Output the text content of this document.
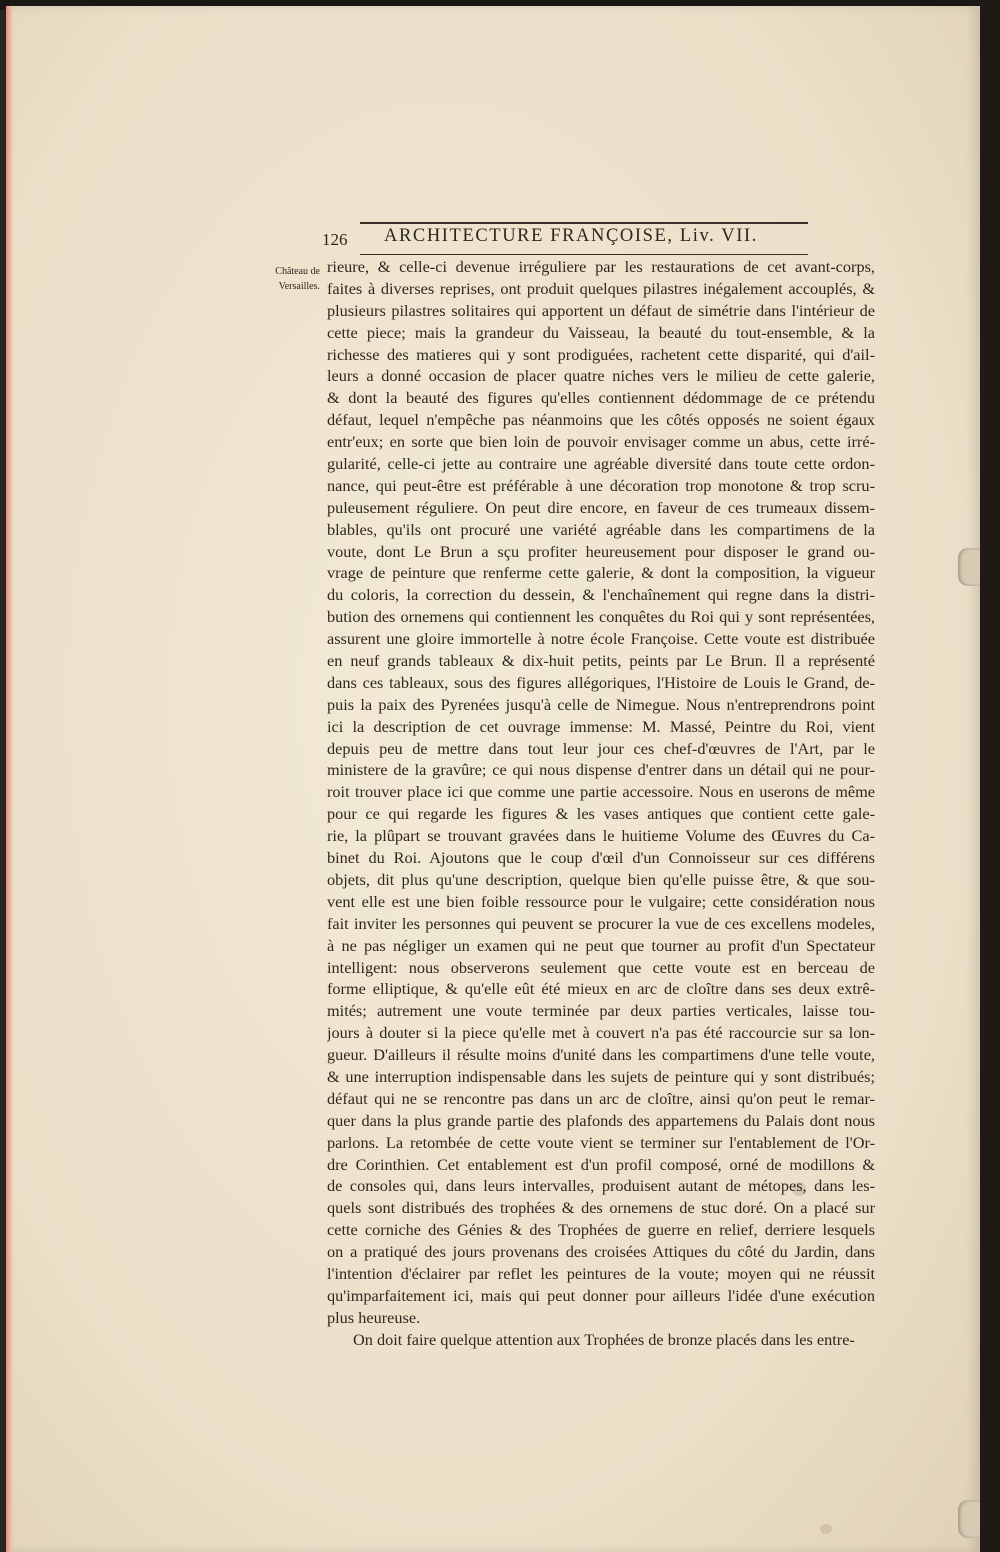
126 ARCHITECTURE FRANÇOISE, Liv. VII.
Château de Versailles.
rieure, & celle-ci devenue irréguliere par les restaurations de cet avant-corps,
faites à diverses reprises, ont produit quelques pilastres inégalement accouplés, &
plusieurs pilastres solitaires qui apportent un défaut de simétrie dans l'intérieur de
cette piece; mais la grandeur du Vaisseau, la beauté du tout-ensemble, & la
richesse des matieres qui y sont prodiguées, rachetent cette disparité, qui d'ail-
leurs a donné occasion de placer quatre niches vers le milieu de cette galerie,
& dont la beauté des figures qu'elles contiennent dédommage de ce prétendu
défaut, lequel n'empêche pas néanmoins que les côtés opposés ne soient égaux
entr'eux; en sorte que bien loin de pouvoir envisager comme un abus, cette irré-
gularité, celle-ci jette au contraire une agréable diversité dans toute cette ordon-
nance, qui peut-être est préférable à une décoration trop monotone & trop scru-
puleusement réguliere. On peut dire encore, en faveur de ces trumeaux dissem-
blables, qu'ils ont procuré une variété agréable dans les compartimens de la
voute, dont Le Brun a sçu profiter heureusement pour disposer le grand ou-
vrage de peinture que renferme cette galerie, & dont la composition, la vigueur
du coloris, la correction du dessein, & l'enchaînement qui regne dans la distri-
bution des ornemens qui contiennent les conquêtes du Roi qui y sont représentées,
assurent une gloire immortelle à notre école Françoise. Cette voute est distribuée
en neuf grands tableaux & dix-huit petits, peints par Le Brun. Il a représenté
dans ces tableaux, sous des figures allégoriques, l'Histoire de Louis le Grand, de-
puis la paix des Pyrenées jusqu'à celle de Nimegue. Nous n'entreprendrons point
ici la description de cet ouvrage immense: M. Massé, Peintre du Roi, vient
depuis peu de mettre dans tout leur jour ces chef-d'œuvres de l'Art, par le
ministere de la gravûre; ce qui nous dispense d'entrer dans un détail qui ne pour-
roit trouver place ici que comme une partie accessoire. Nous en userons de même
pour ce qui regarde les figures & les vases antiques que contient cette gale-
rie, la plûpart se trouvant gravées dans le huitieme Volume des Œuvres du Ca-
binet du Roi. Ajoutons que le coup d'œil d'un Connoisseur sur ces différens
objets, dit plus qu'une description, quelque bien qu'elle puisse être, & que sou-
vent elle est une bien foible ressource pour le vulgaire; cette considération nous
fait inviter les personnes qui peuvent se procurer la vue de ces excellens modeles,
à ne pas négliger un examen qui ne peut que tourner au profit d'un Spectateur
intelligent: nous observerons seulement que cette voute est en berceau de
forme elliptique, & qu'elle eût été mieux en arc de cloître dans ses deux extrê-
mités; autrement une voute terminée par deux parties verticales, laisse tou-
jours à douter si la piece qu'elle met à couvert n'a pas été raccourcie sur sa lon-
gueur. D'ailleurs il résulte moins d'unité dans les compartimens d'une telle voute,
& une interruption indispensable dans les sujets de peinture qui y sont distribués;
défaut qui ne se rencontre pas dans un arc de cloître, ainsi qu'on peut le remar-
quer dans la plus grande partie des plafonds des appartemens du Palais dont nous
parlons. La retombée de cette voute vient se terminer sur l'entablement de l'Or-
dre Corinthien. Cet entablement est d'un profil composé, orné de modillons &
de consoles qui, dans leurs intervalles, produisent autant de métopes, dans les-
quels sont distribués des trophées & des ornemens de stuc doré. On a placé sur
cette corniche des Génies & des Trophées de guerre en relief, derriere lesquels
on a pratiqué des jours provenans des croisées Attiques du côté du Jardin, dans
l'intention d'éclairer par reflet les peintures de la voute; moyen qui ne réussit
qu'imparfaitement ici, mais qui peut donner pour ailleurs l'idée d'une exécution
plus heureuse.
On doit faire quelque attention aux Trophées de bronze placés dans les entre-
